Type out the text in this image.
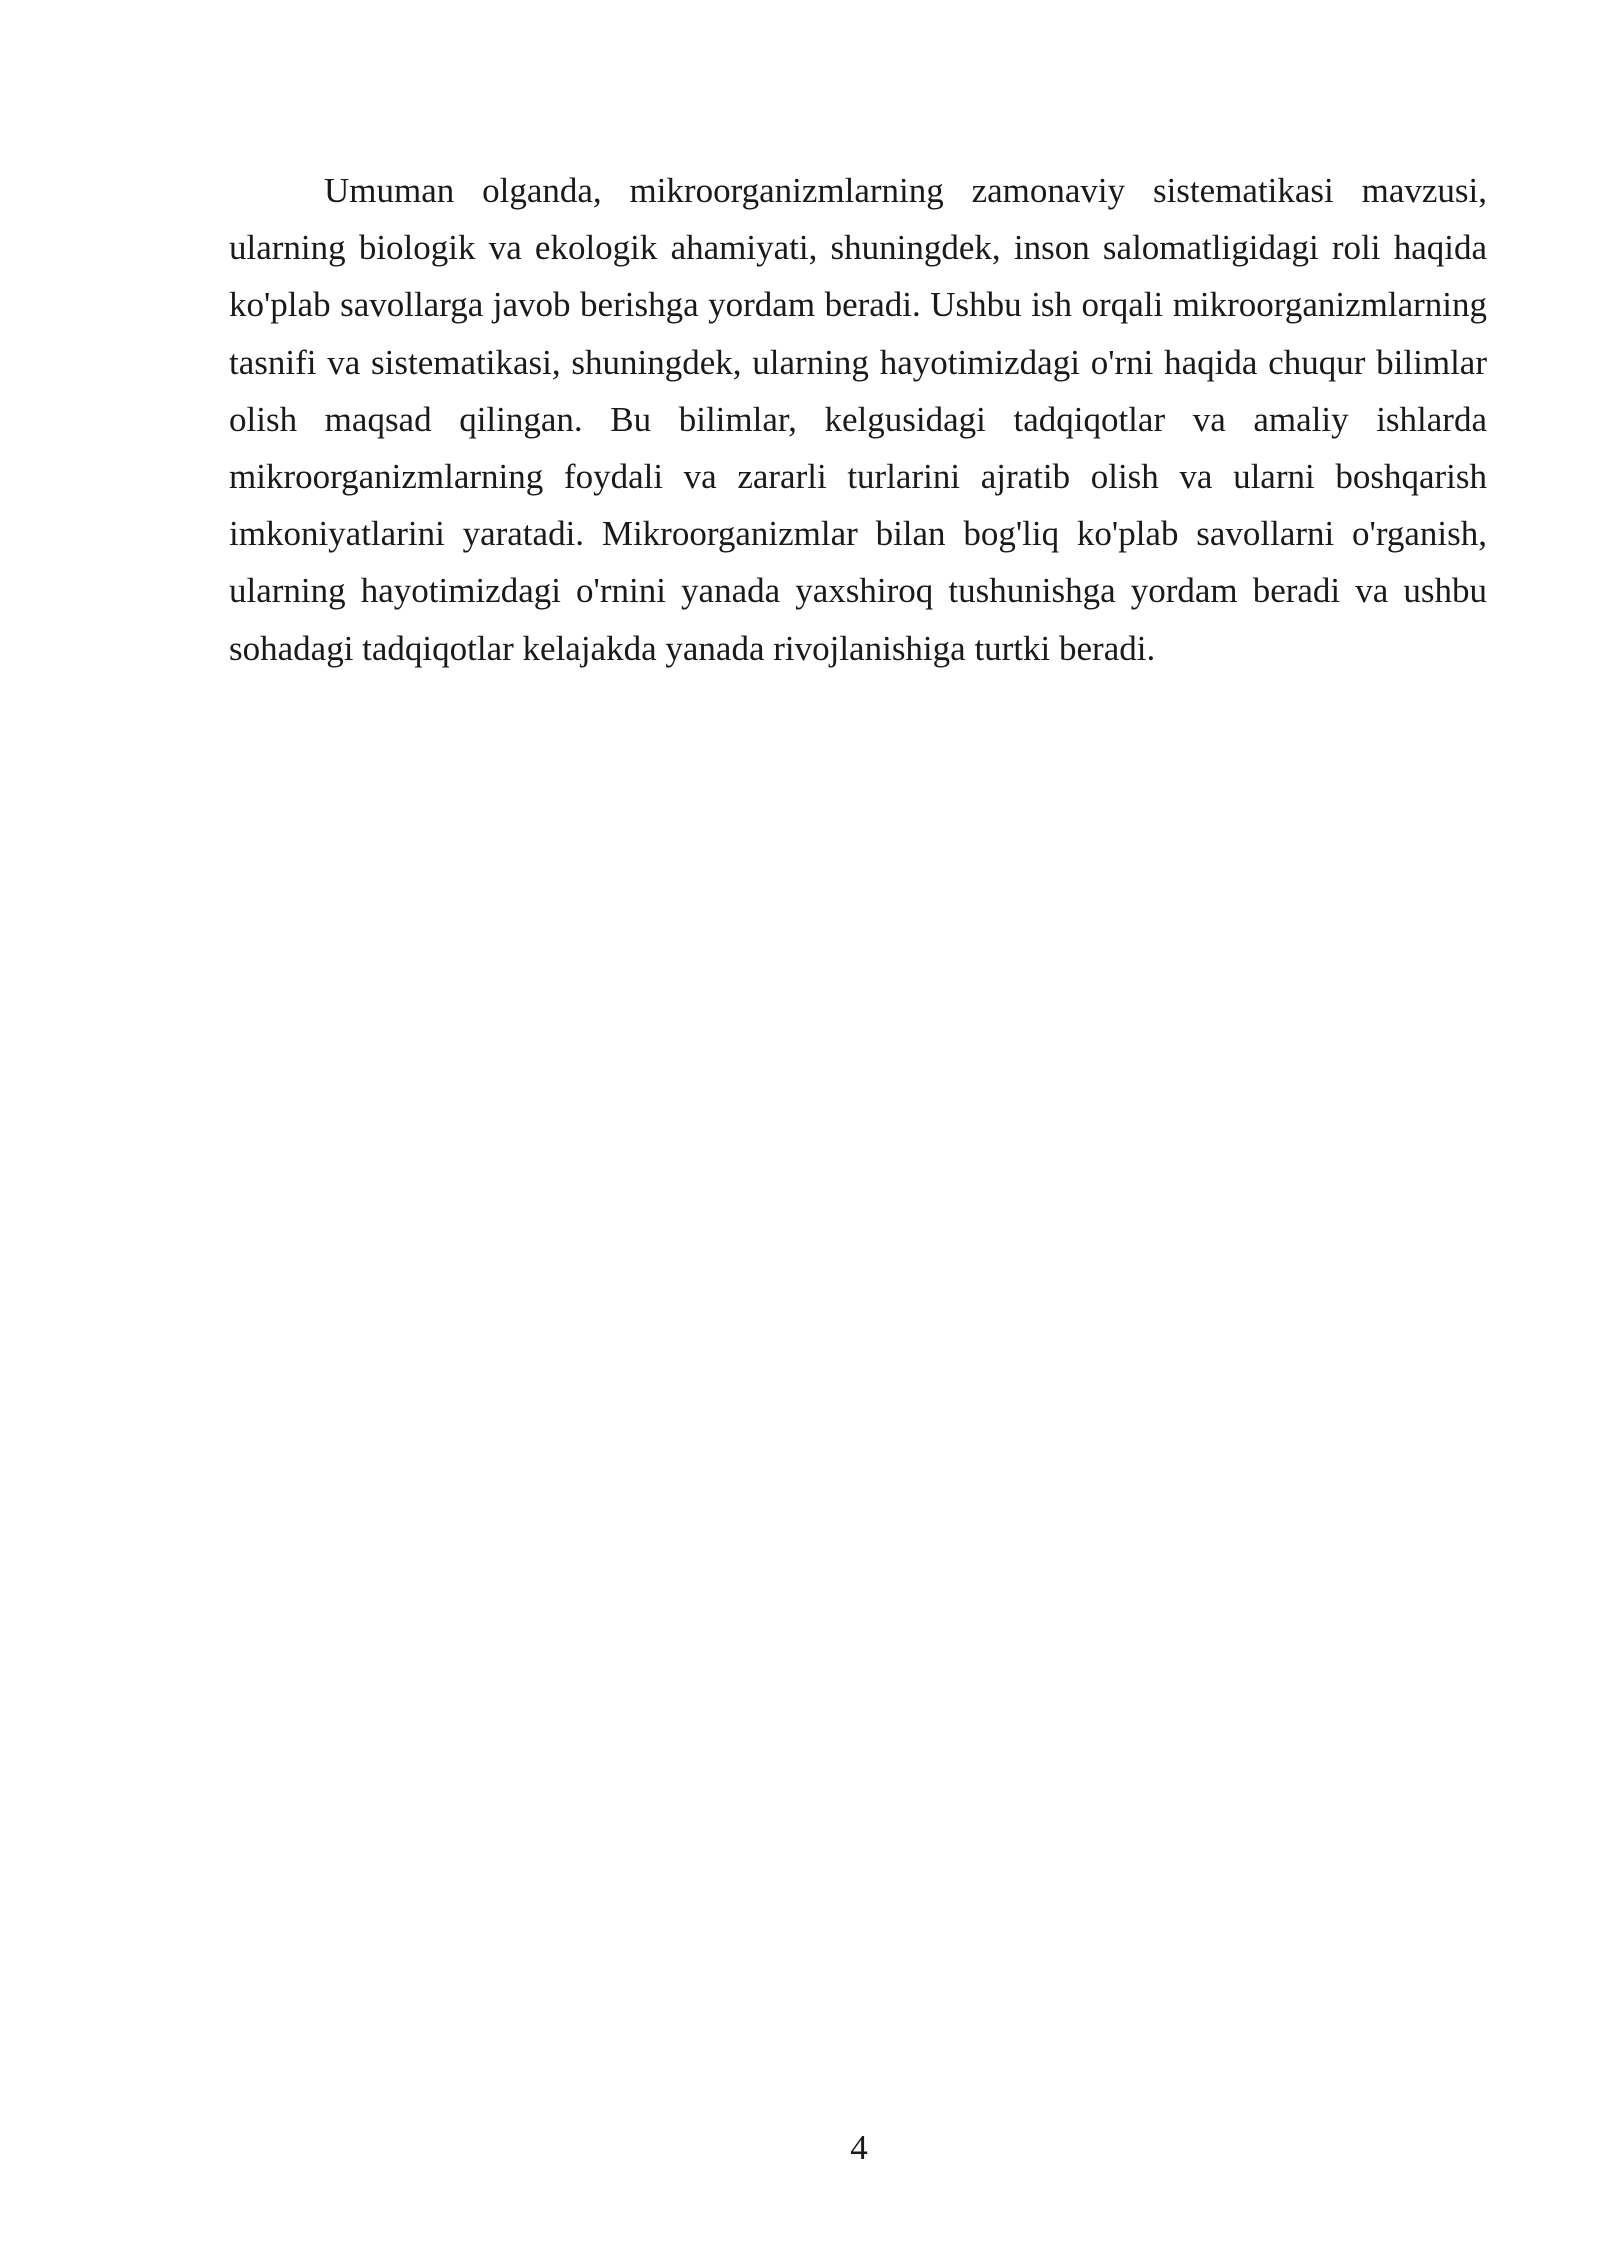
Umuman olganda, mikroorganizmlarning zamonaviy sistematikasi mavzusi, ularning biologik va ekologik ahamiyati, shuningdek, inson salomatligidagi roli haqida ko'plab savollarga javob berishga yordam beradi. Ushbu ish orqali mikroorganizmlarning tasnifi va sistematikasi, shuningdek, ularning hayotimizdagi o'rni haqida chuqur bilimlar olish maqsad qilingan. Bu bilimlar, kelgusidagi tadqiqotlar va amaliy ishlarda mikroorganizmlarning foydali va zararli turlarini ajratib olish va ularni boshqarish imkoniyatlarini yaratadi. Mikroorganizmlar bilan bog'liq ko'plab savollarni o'rganish, ularning hayotimizdagi o'rnini yanada yaxshiroq tushunishga yordam beradi va ushbu sohadagi tadqiqotlar kelajakda yanada rivojlanishiga turtki beradi.

4
